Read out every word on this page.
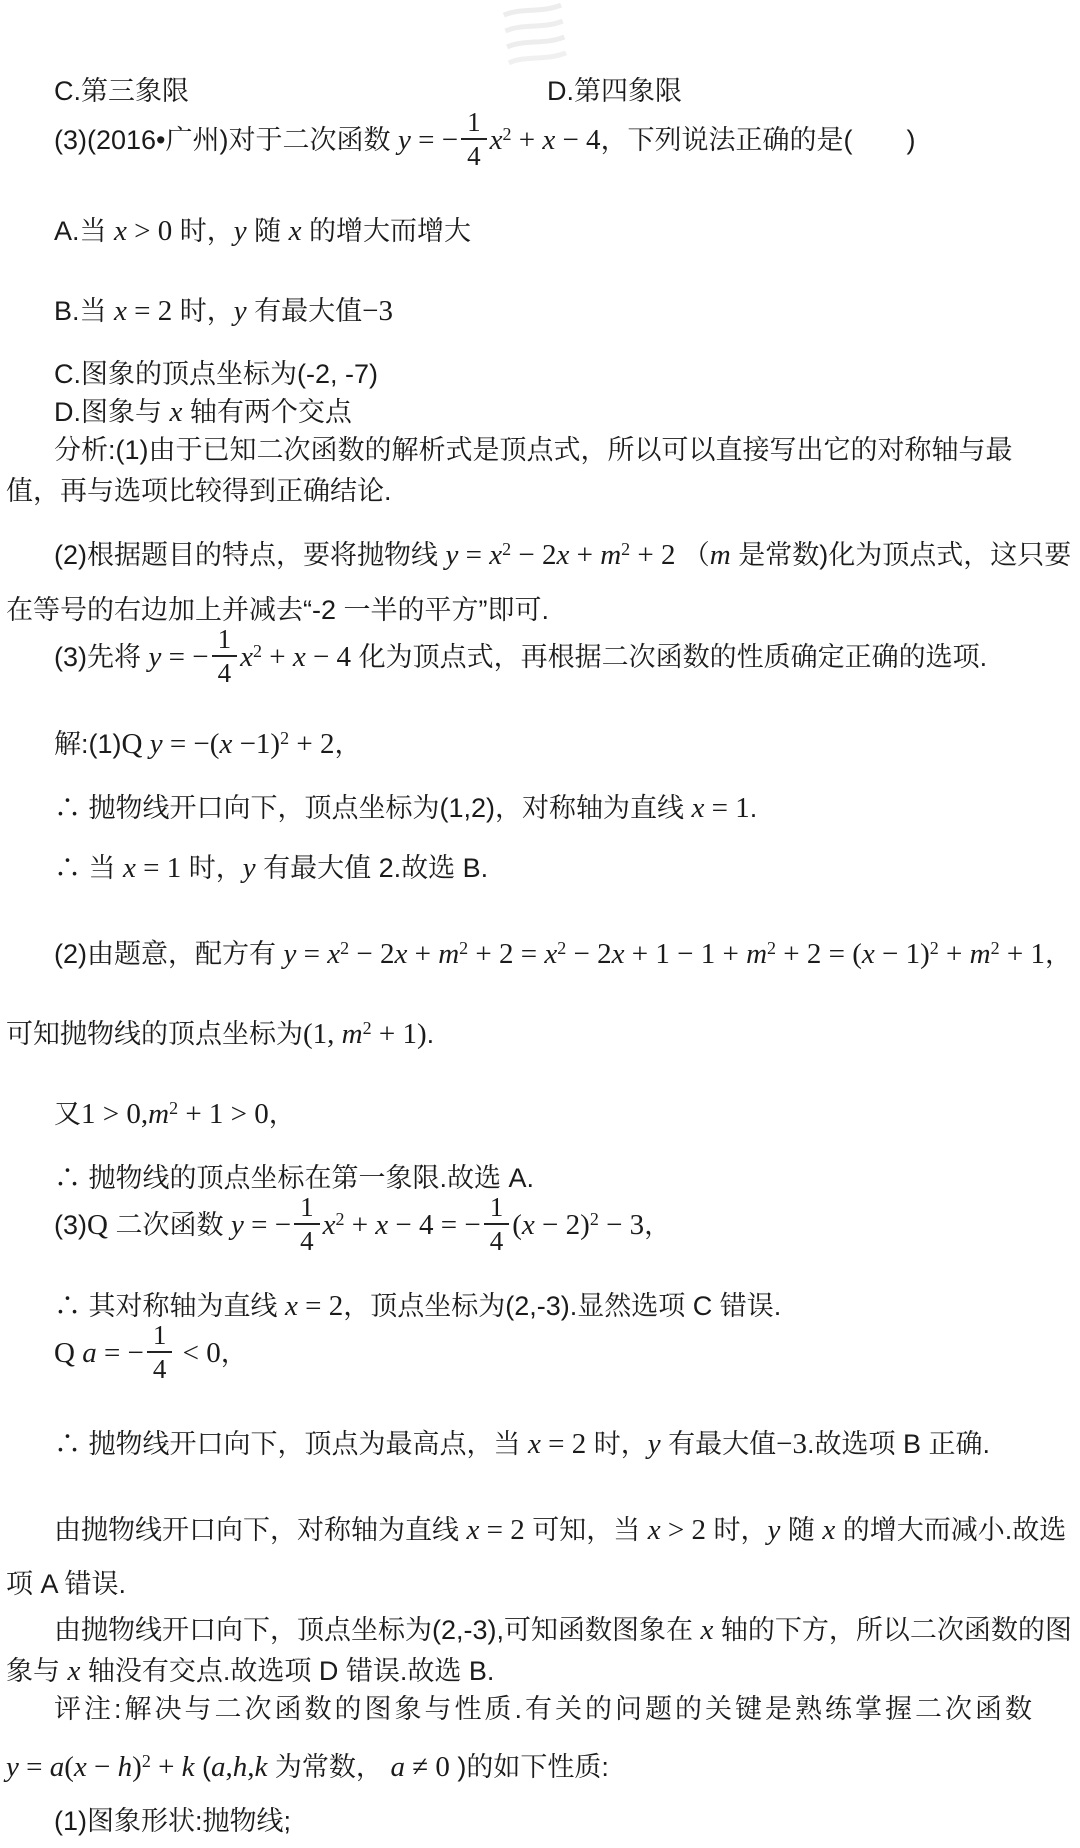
C.第三象限	D.第四象限
(3)(2016•广州)对于二次函数 y = − $\frac{1}{4} x^2 + x - 4$，下列说法正确的是(　　)
A.当 x > 0 时，y 随 x 的增大而增大
B.当 x = 2 时，y 有最大值−3
C.图象的顶点坐标为(-2, -7)
D.图象与 x 轴有两个交点
分析:(1)由于已知二次函数的解析式是顶点式，所以可以直接写出它的对称轴与最
值，再与选项比较得到正确结论.
(2)根据题目的特点，要将抛物线 $y = x^2 - 2x + m^2 + 2$ （m 是常数)化为顶点式，这只要
在等号的右边加上并减去“-2 一半的平方”即可.
(3)先将 y = − $\frac{1}{4} x^2 + x - 4$ 化为顶点式，再根据二次函数的性质确定正确的选项.
解:(1)Q $y = -(x -1)^2 + 2$，
∴ 抛物线开口向下，顶点坐标为(1,2)，对称轴为直线 x = 1.
∴ 当 x = 1 时，y 有最大值 2.故选 B.
(2)由题意，配方有 $y = x^2 - 2x + m^2 + 2 = x^2 - 2x + 1 - 1 + m^2 + 2 = (x - 1)^2 + m^2 + 1$，
可知抛物线的顶点坐标为(1, $m^2 + 1$).
又$1 > 0,m^2 + 1 > 0$，
∴ 抛物线的顶点坐标在第一象限.故选 A.
(3)Q 二次函数 y = − $\frac{1}{4} x^2 + x - 4$ = − $\frac{1}{4} (x - 2)^2 - 3$，
∴ 其对称轴为直线 x = 2，顶点坐标为(2,-3).显然选项 C 错误.
Q a = − $\frac{1}{4} < 0$，
∴ 抛物线开口向下，顶点为最高点，当 x = 2 时，y 有最大值−3.故选项 B 正确.
由抛物线开口向下，对称轴为直线 x = 2 可知，当 x > 2 时，y 随 x 的增大而减小.故选
项 A 错误.
由抛物线开口向下，顶点坐标为(2,-3),可知函数图象在 x 轴的下方，所以二次函数的图
象与 x 轴没有交点.故选项 D 错误.故选 B.
评注:解决与二次函数的图象与性质.有关的问题的关键是熟练掌握二次函数
$y = a(x - h)^2 + k$ (a,h,k 为常数， a ≠ 0 )的如下性质:
(1)图象形状:抛物线;
